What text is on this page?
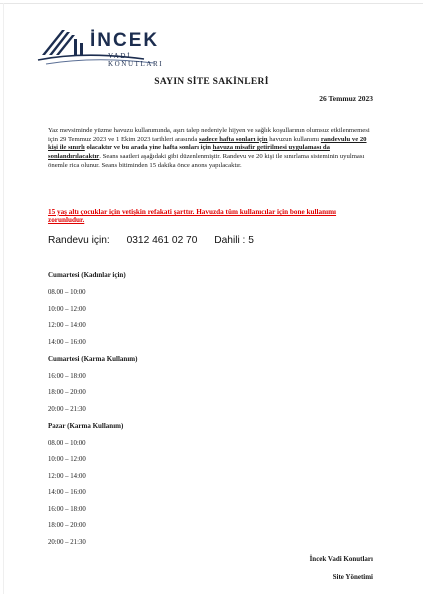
İNCEK
VADİ KONUTLARI
SAYIN SİTE SAKİNLERİ
26 Temmuz 2023
Yaz mevsiminde yüzme havuzu kullanımında, aşırı talep nedeniyle hijyen ve sağlık koşullarının olumsuz etkilenmemesi için 29 Temmuz 2023 ve 1 Ekim 2023 tarihleri arasında sadece hafta sonları için havuzun kullanımı randevulu ve 20 kişi ile sınırlı olacaktır ve bu arada yine hafta sonları için havuza misafir getirilmesi uygulaması da sonlandırılacaktır. Seans saatleri aşağıdaki gibi düzenlenmiştir. Randevu ve 20 kişi ile sınırlama sisteminin uyulması önemle rica olunur. Seans bitiminden 15 dakika önce anons yapılacaktır.
15 yaş altı çocuklar için vetişkin refakati şarttır. Havuzda tüm kullanıcılar için bone kullanımı zorunludur.
Randevu için: 0312 461 02 70 Dahili : 5
Cumartesi (Kadınlar için)
08.00 – 10:00
10:00 – 12:00
12:00 – 14:00
14:00 – 16:00
Cumartesi (Karma Kullanım)
16:00 – 18:00
18:00 – 20:00
20:00 – 21:30
Pazar (Karma Kullanım)
08.00 – 10:00
10:00 – 12:00
12:00 – 14:00
14:00 – 16:00
16:00 – 18:00
18:00 – 20:00
20:00 – 21:30
İncek Vadi Konutları
Site Yönetimi
